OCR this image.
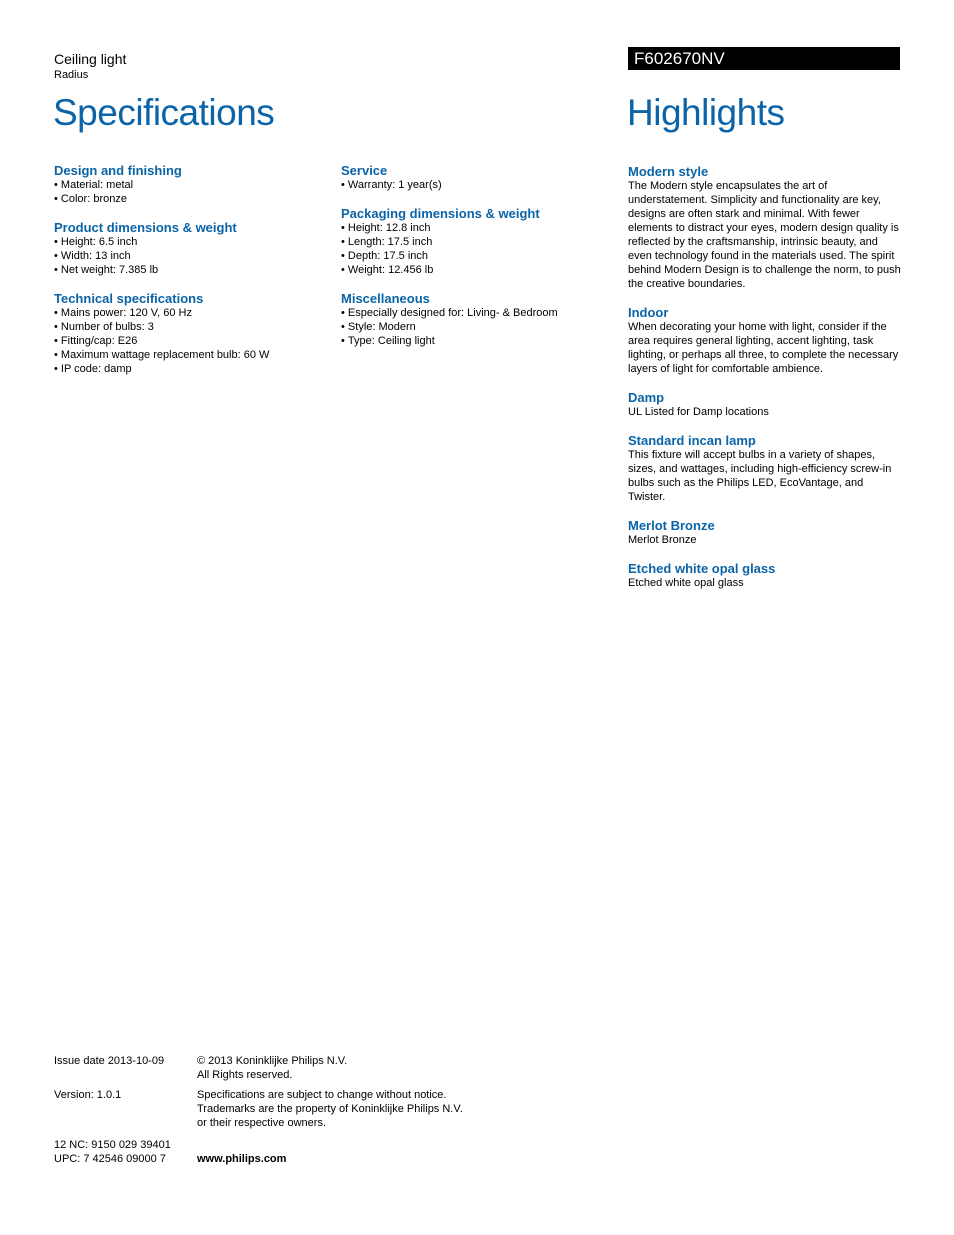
Ceiling light
Radius
F602670NV
Specifications	Highlights
Design and finishing
• Material: metal
• Color: bronze
Product dimensions & weight
• Height: 6.5 inch
• Width: 13 inch
• Net weight: 7.385 lb
Technical specifications
• Mains power: 120 V, 60 Hz
• Number of bulbs: 3
• Fitting/cap: E26
• Maximum wattage replacement bulb: 60 W
• IP code: damp
Service
• Warranty: 1 year(s)
Packaging dimensions & weight
• Height: 12.8 inch
• Length: 17.5 inch
• Depth: 17.5 inch
• Weight: 12.456 lb
Miscellaneous
• Especially designed for: Living- & Bedroom
• Style: Modern
• Type: Ceiling light
Modern style
The Modern style encapsulates the art of understatement. Simplicity and functionality are key, designs are often stark and minimal. With fewer elements to distract your eyes, modern design quality is reflected by the craftsmanship, intrinsic beauty, and even technology found in the materials used. The spirit behind Modern Design is to challenge the norm, to push the creative boundaries.
Indoor
When decorating your home with light, consider if the area requires general lighting, accent lighting, task lighting, or perhaps all three, to complete the necessary layers of light for comfortable ambience.
Damp
UL Listed for Damp locations
Standard incan lamp
This fixture will accept bulbs in a variety of shapes, sizes, and wattages, including high-efficiency screw-in bulbs such as the Philips LED, EcoVantage, and Twister.
Merlot Bronze
Merlot Bronze
Etched white opal glass
Etched white opal glass
Issue date 2013-10-09	© 2013 Koninklijke Philips N.V.
All Rights reserved.
Version: 1.0.1	Specifications are subject to change without notice.
Trademarks are the property of Koninklijke Philips N.V.
or their respective owners.
12 NC: 9150 029 39401
UPC: 7 42546 09000 7	www.philips.com
